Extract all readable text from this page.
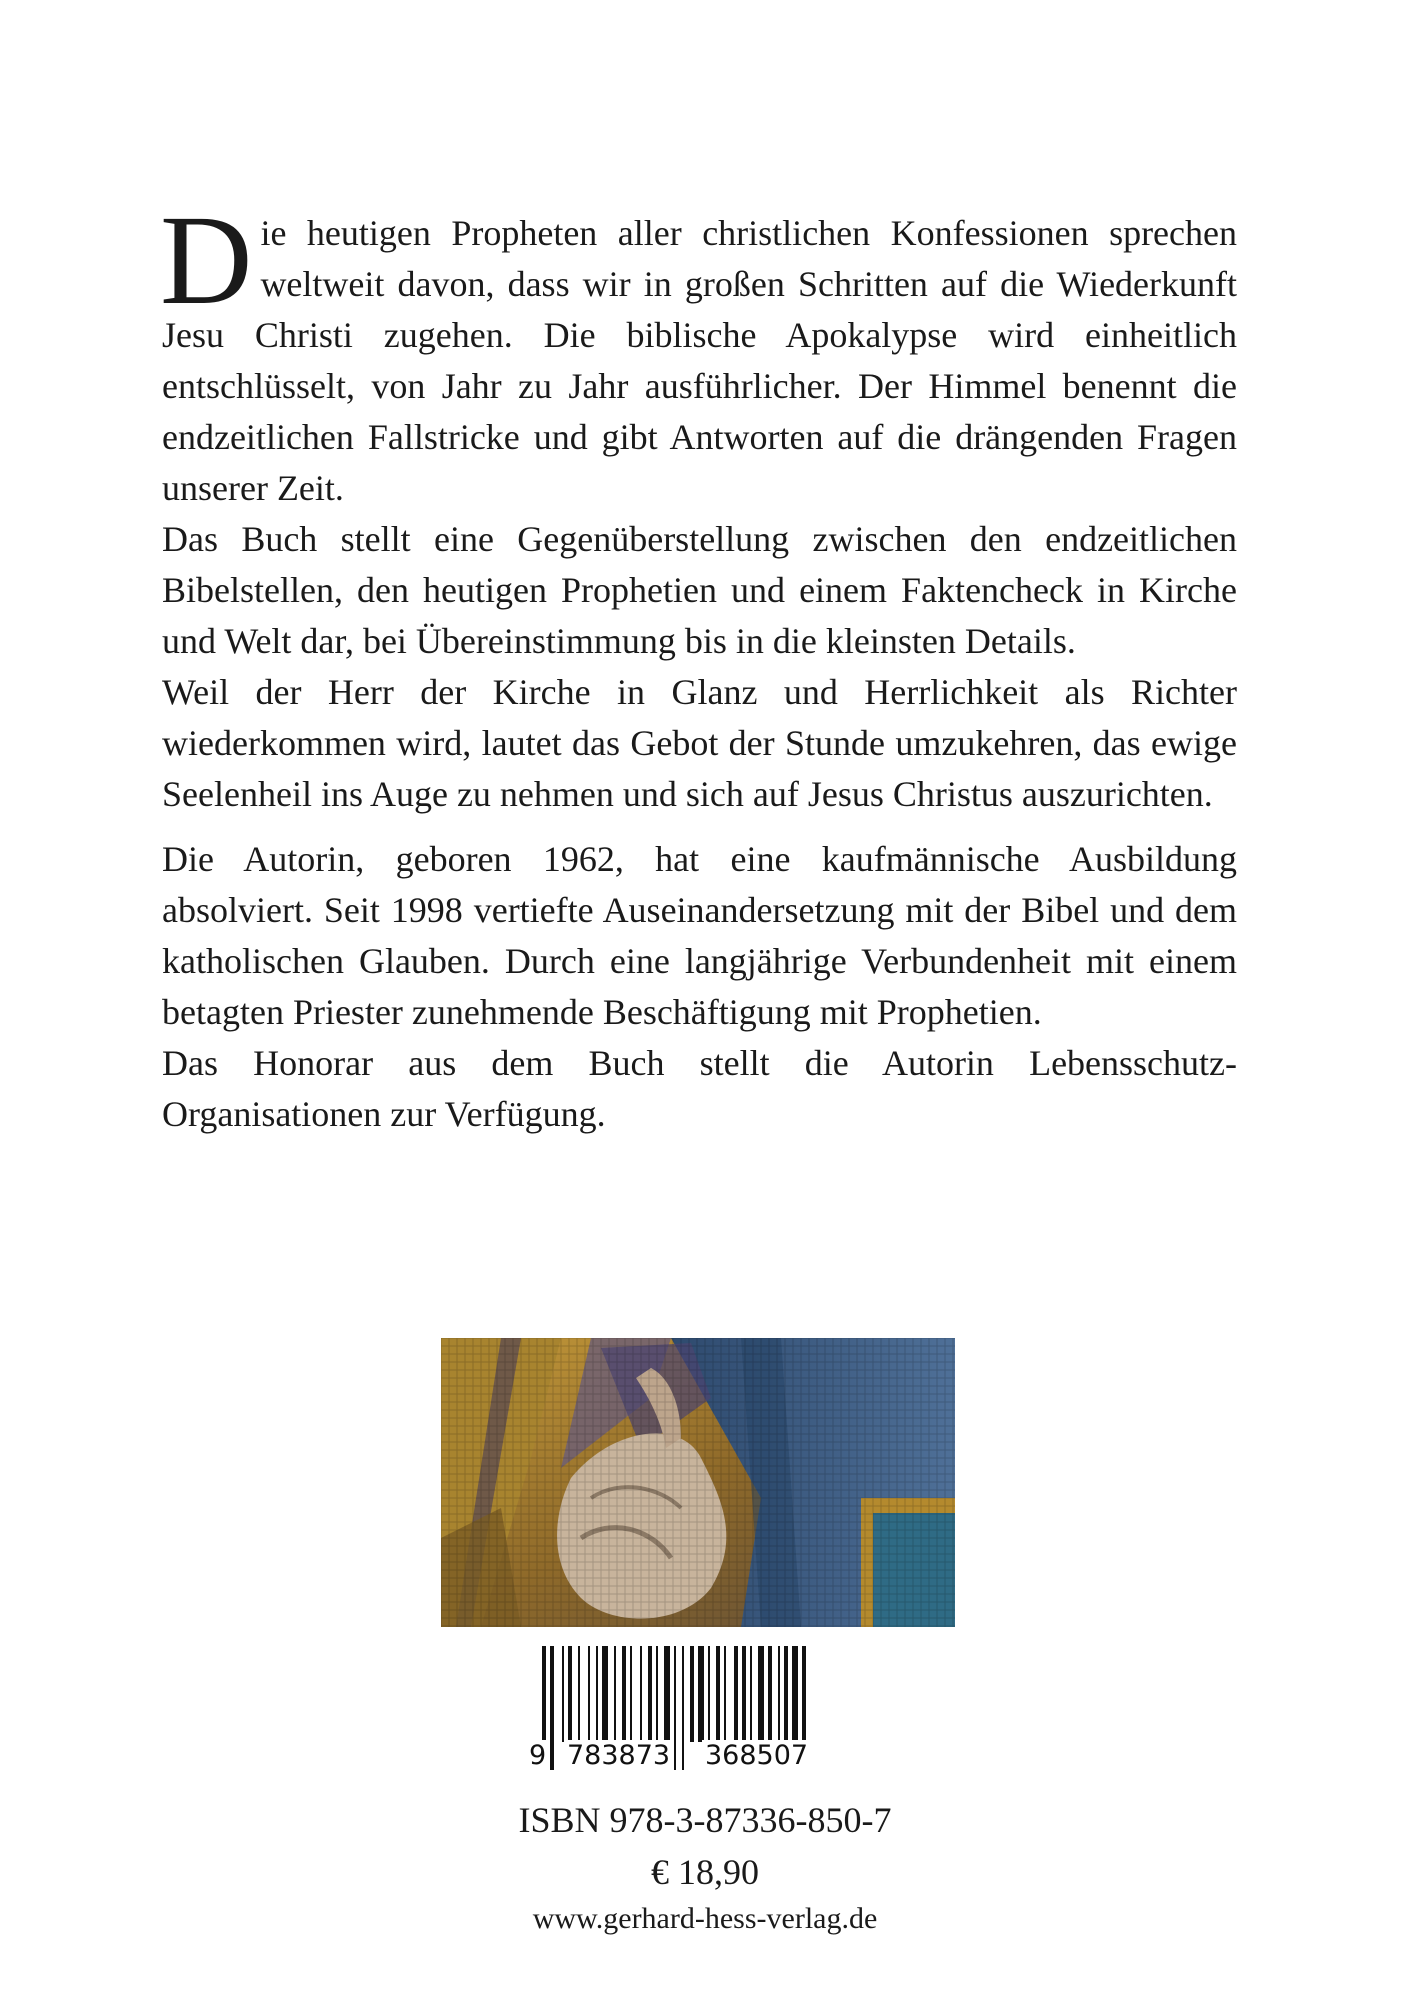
Die heutigen Propheten aller christlichen Konfessionen sprechen weltweit davon, dass wir in großen Schritten auf die Wiederkunft Jesu Christi zugehen. Die biblische Apokalypse wird einheitlich entschlüsselt, von Jahr zu Jahr ausführlicher. Der Himmel benennt die endzeitlichen Fallstricke und gibt Antworten auf die drängenden Fragen unserer Zeit.

Das Buch stellt eine Gegenüberstellung zwischen den endzeitlichen Bibelstellen, den heutigen Prophetien und einem Faktencheck in Kirche und Welt dar, bei Übereinstimmung bis in die kleinsten Details.

Weil der Herr der Kirche in Glanz und Herrlichkeit als Richter wiederkommen wird, lautet das Gebot der Stunde umzukehren, das ewige Seelenheil ins Auge zu nehmen und sich auf Jesus Christus auszurichten.

Die Autorin, geboren 1962, hat eine kaufmännische Ausbildung absolviert. Seit 1998 vertiefte Auseinandersetzung mit der Bibel und dem katholischen Glauben. Durch eine langjährige Verbundenheit mit einem betagten Priester zunehmende Beschäftigung mit Prophetien.

Das Honorar aus dem Buch stellt die Autorin Lebensschutz-Organisationen zur Verfügung.

9 783873 368507
ISBN 978-3-87336-850-7
€ 18,90
www.gerhard-hess-verlag.de
